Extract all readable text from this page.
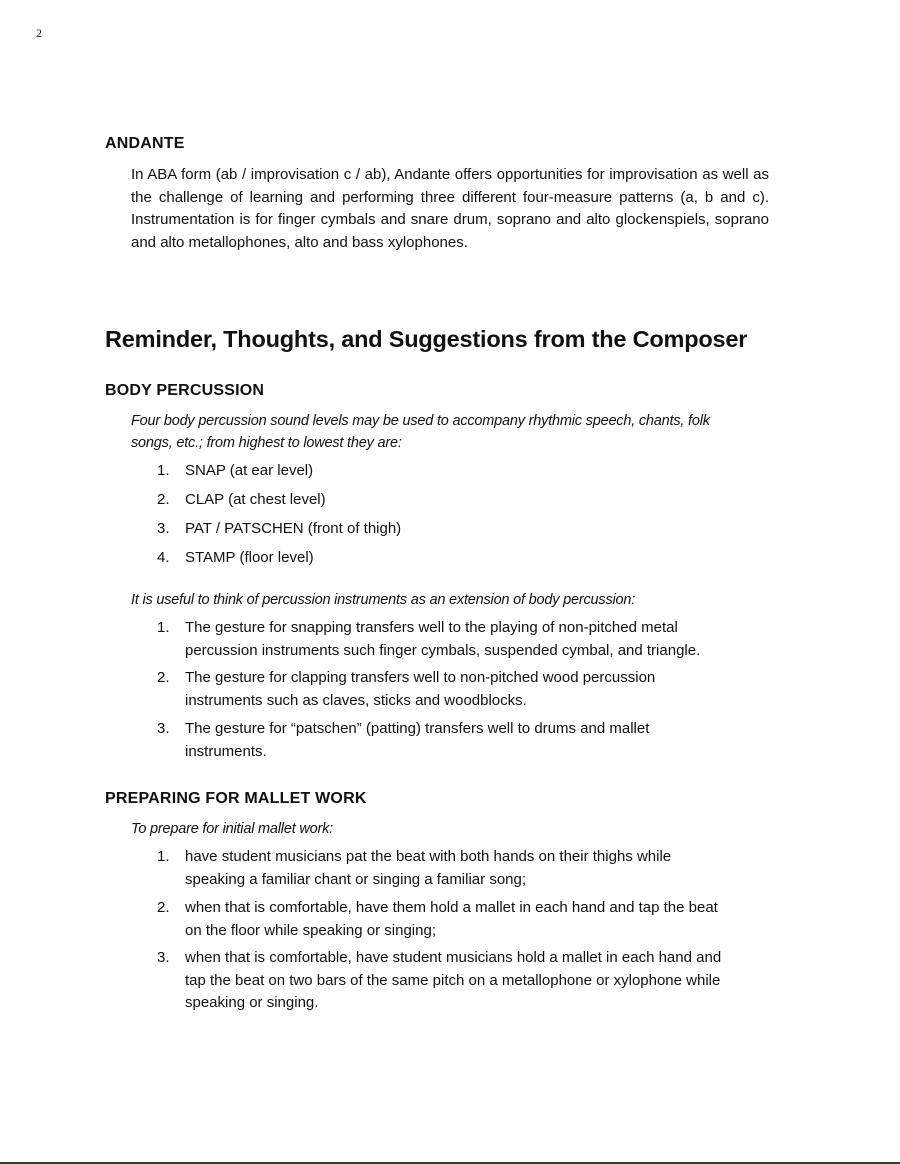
2
ANDANTE

In ABA form (ab / improvisation c / ab), Andante offers opportunities for improvisation as well as the challenge of learning and performing three different four-measure patterns (a, b and c). Instrumentation is for finger cymbals and snare drum, soprano and alto glockenspiels, soprano and alto metallophones, alto and bass xylophones.

Reminder, Thoughts, and Suggestions from the Composer
BODY PERCUSSION

Four body percussion sound levels may be used to accompany rhythmic speech, chants, folk songs, etc.; from highest to lowest they are:

1.	SNAP (at ear level)
2.	CLAP (at chest level)
3.	PAT / PATSCHEN (front of thigh)
4.	STAMP (floor level)

It is useful to think of percussion instruments as an extension of body percussion:

1.	The gesture for snapping transfers well to the playing of non-pitched metal percussion instruments such finger cymbals, suspended cymbal, and triangle.
2.	The gesture for clapping transfers well to non-pitched wood percussion instruments such as claves, sticks and woodblocks.
3.	The gesture for “patschen” (patting) transfers well to drums and mallet instruments.
PREPARING FOR MALLET WORK

To prepare for initial mallet work:

1.	have student musicians pat the beat with both hands on their thighs while speaking a familiar chant or singing a familiar song;
2.	when that is comfortable, have them hold a mallet in each hand and tap the beat on the floor while speaking or singing;
3.	when that is comfortable, have student musicians hold a mallet in each hand and tap the beat on two bars of the same pitch on a metallophone or xylophone while speaking or singing.
